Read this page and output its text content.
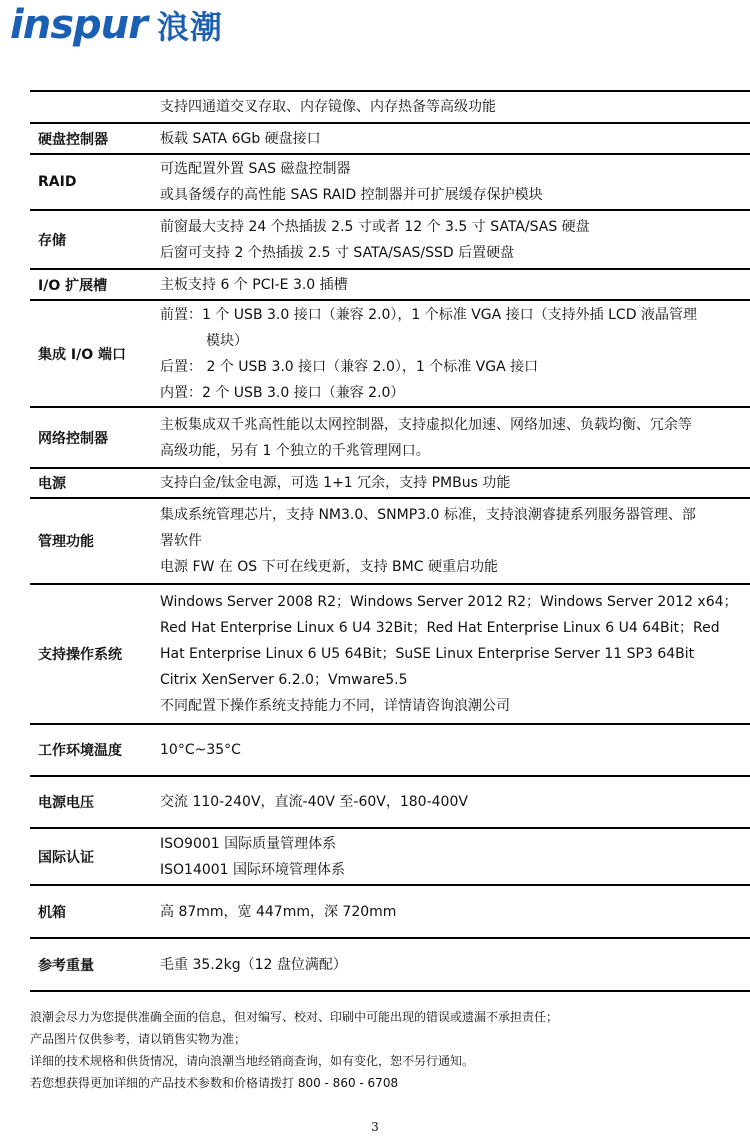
inspur 浪潮

	支持四通道交叉存取、内存镜像、内存热备等高级功能

硬盘控制器	板载 SATA 6Gb 硬盘接口

RAID	可选配置外置 SAS 磁盘控制器
或具备缓存的高性能 SAS RAID 控制器并可扩展缓存保护模块

存储	前窗最大支持 24 个热插拔 2.5 寸或者 12 个 3.5 寸 SATA/SAS 硬盘
后窗可支持 2 个热插拔 2.5 寸 SATA/SAS/SSD 后置硬盘

I/O 扩展槽	主板支持 6 个 PCI-E 3.0 插槽

集成 I/O 端口	前置：1 个 USB 3.0 接口（兼容 2.0），1 个标准 VGA 接口（支持外插 LCD 液晶管理
模块）
后置： 2 个 USB 3.0 接口（兼容 2.0），1 个标准 VGA 接口
内置：2 个 USB 3.0 接口（兼容 2.0）

网络控制器	主板集成双千兆高性能以太网控制器，支持虚拟化加速、网络加速、负载均衡、冗余等
高级功能，另有 1 个独立的千兆管理网口。

电源	支持白金/钛金电源，可选 1+1 冗余，支持 PMBus 功能

管理功能	集成系统管理芯片，支持 NM3.0、SNMP3.0 标准，支持浪潮睿捷系列服务器管理、部
署软件
电源 FW 在 OS 下可在线更新，支持 BMC 硬重启功能

支持操作系统	Windows Server 2008 R2；Windows Server 2012 R2；Windows Server 2012 x64；
Red Hat Enterprise Linux 6 U4 32Bit；Red Hat Enterprise Linux 6 U4 64Bit；Red
Hat Enterprise Linux 6 U5 64Bit；SuSE Linux Enterprise Server 11 SP3 64Bit
Citrix XenServer 6.2.0；Vmware5.5
不同配置下操作系统支持能力不同，详情请咨询浪潮公司

工作环境温度	10°C~35°C

电源电压	交流 110-240V，直流-40V 至-60V，180-400V

国际认证	ISO9001 国际质量管理体系
ISO14001 国际环境管理体系

机箱	高 87mm，宽 447mm，深 720mm

参考重量	毛重 35.2kg（12 盘位满配）
浪潮会尽力为您提供准确全面的信息，但对编写、校对、印刷中可能出现的错误或遗漏不承担责任；
产品图片仅供参考，请以销售实物为准；
详细的技术规格和供货情况，请向浪潮当地经销商查询，如有变化，恕不另行通知。
若您想获得更加详细的产品技术参数和价格请拨打 800 - 860 - 6708
3
